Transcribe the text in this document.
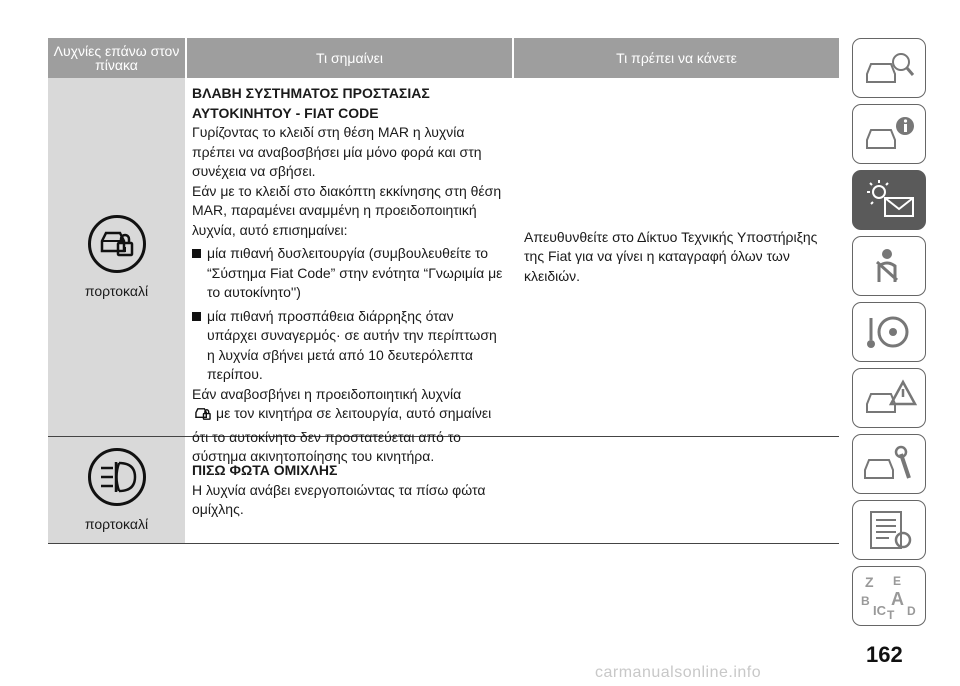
Λυχνίες επάνω στον πίνακα	Τι σημαίνει	Τι πρέπει να κάνετε
πορτοκαλί

ΒΛΑΒΗ ΣΥΣΤΗΜΑΤΟΣ ΠΡΟΣΤΑΣΙΑΣ ΑΥΤΟΚΙΝΗΤΟΥ - FIAT CODE

Γυρίζοντας το κλειδί στη θέση MAR η λυχνία πρέπει να αναβοσβήσει μία μόνο φορά και στη συνέχεια να σβήσει.

Εάν με το κλειδί στο διακόπτη εκκίνησης στη θέση MAR, παραμένει αναμμένη η προειδοποιητική λυχνία, αυτό επισημαίνει:

μία πιθανή δυσλειτουργία (συμβουλευθείτε το “Σύστημα Fiat Code” στην ενότητα “Γνωριμία με το αυτοκίνητο'')
μία πιθανή προσπάθεια διάρρηξης όταν υπάρχει συναγερμός· σε αυτήν την περίπτωση η λυχνία σβήνει μετά από 10 δευτερόλεπτα περίπου.

Εάν αναβοσβήνει η προειδοποιητική λυχνία
με τον κινητήρα σε λειτουργία, αυτό σημαίνει ότι το αυτοκίνητο δεν προστατεύεται από το σύστημα ακινητοποίησης του κινητήρα.

Απευθυνθείτε στο Δίκτυο Τεχνικής Υποστήριξης της Fiat για να γίνει η καταγραφή όλων των κλειδιών.

πορτοκαλί

ΠΙΣΩ ΦΩΤΑ ΟΜΙΧΛΗΣ

Η λυχνία ανάβει ενεργοποιώντας τα πίσω φώτα ομίχλης.

Z E
B A
IC D
T
162
carmanualsonline.info
